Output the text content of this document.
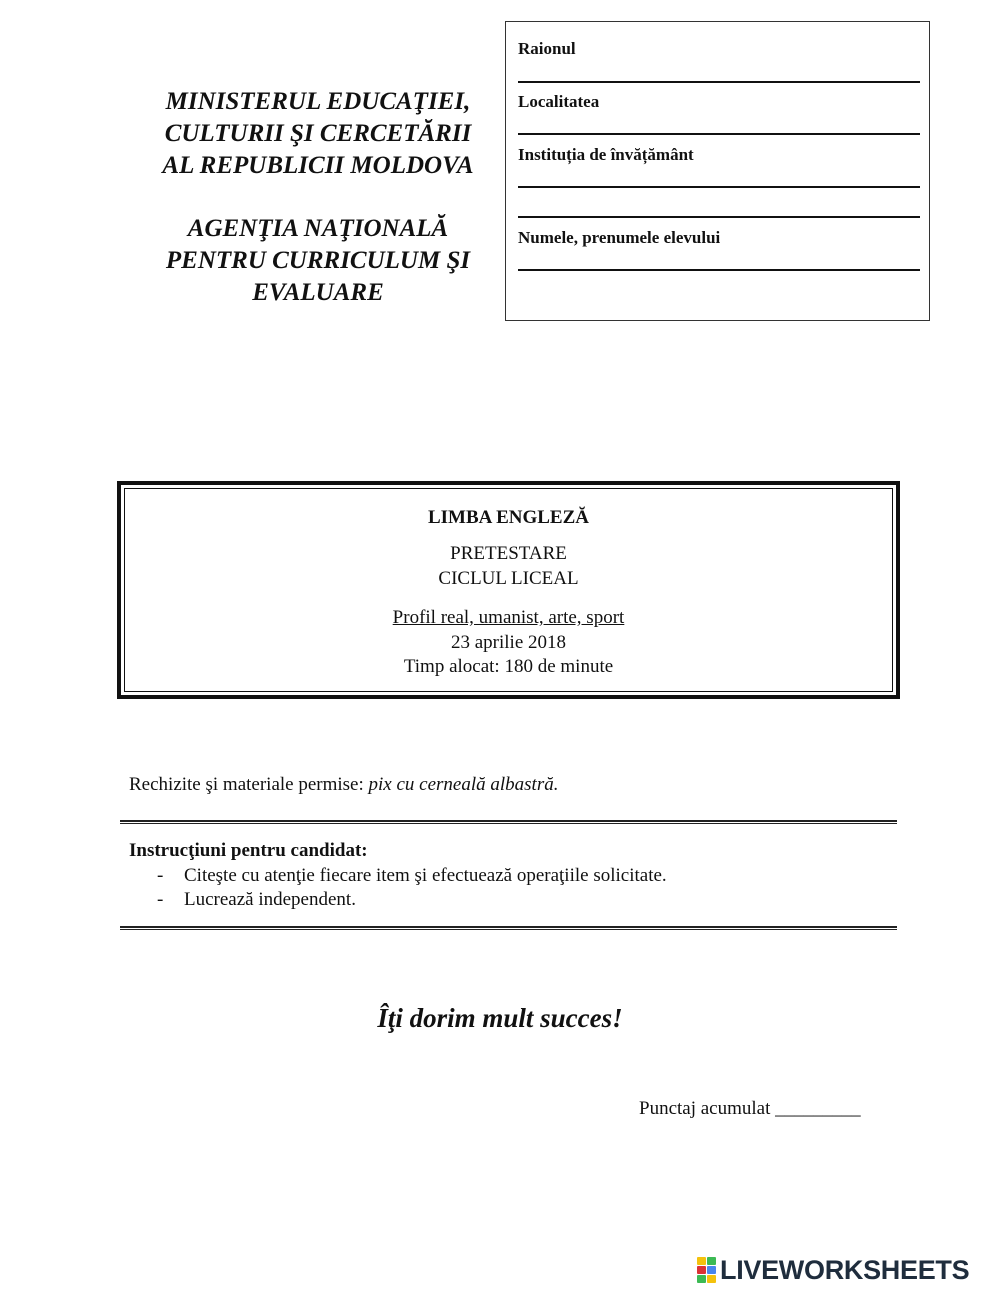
MINISTERUL EDUCAŢIEI,
CULTURII ŞI CERCETĂRII
AL REPUBLICII MOLDOVA
AGENŢIA NAŢIONALĂ
PENTRU CURRICULUM ŞI
EVALUARE
Raionul
Localitatea
Instituția de învățământ
Numele, prenumele elevului
LIMBA ENGLEZĂ
PRETESTARE
CICLUL LICEAL
Profil real, umanist, arte, sport
23 aprilie 2018
Timp alocat: 180 de minute
Rechizite şi materiale permise: pix cu cerneală albastră.
Instrucţiuni pentru candidat:
- Citeşte cu atenţie fiecare item şi efectuează operaţiile solicitate.
- Lucrează independent.
Îţi dorim mult succes!
Punctaj acumulat _________
LIVEWORKSHEETS
